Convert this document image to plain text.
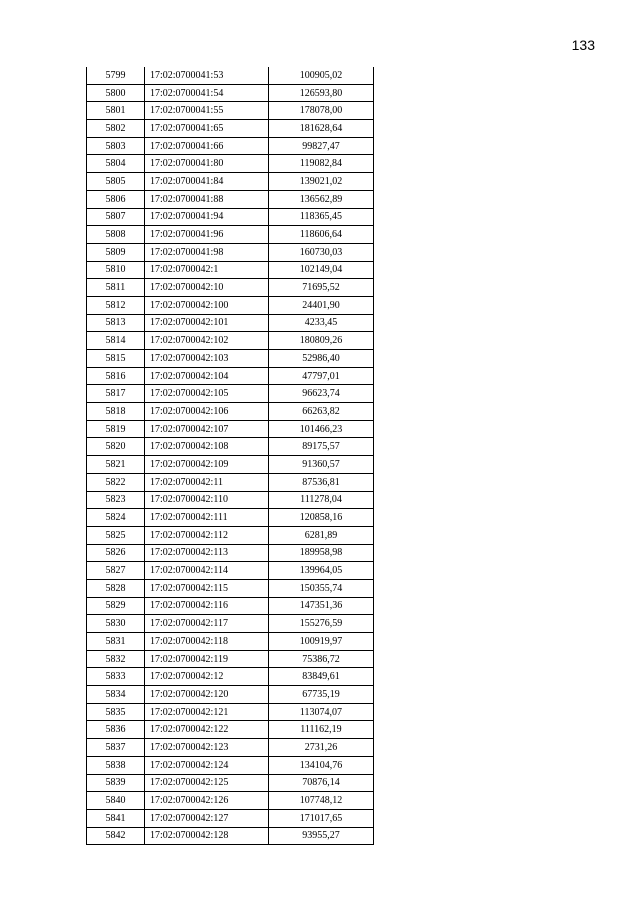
133
5799	17:02:0700041:53	100905,02
5800	17:02:0700041:54	126593,80
5801	17:02:0700041:55	178078,00
5802	17:02:0700041:65	181628,64
5803	17:02:0700041:66	99827,47
5804	17:02:0700041:80	119082,84
5805	17:02:0700041:84	139021,02
5806	17:02:0700041:88	136562,89
5807	17:02:0700041:94	118365,45
5808	17:02:0700041:96	118606,64
5809	17:02:0700041:98	160730,03
5810	17:02:0700042:1	102149,04
5811	17:02:0700042:10	71695,52
5812	17:02:0700042:100	24401,90
5813	17:02:0700042:101	4233,45
5814	17:02:0700042:102	180809,26
5815	17:02:0700042:103	52986,40
5816	17:02:0700042:104	47797,01
5817	17:02:0700042:105	96623,74
5818	17:02:0700042:106	66263,82
5819	17:02:0700042:107	101466,23
5820	17:02:0700042:108	89175,57
5821	17:02:0700042:109	91360,57
5822	17:02:0700042:11	87536,81
5823	17:02:0700042:110	111278,04
5824	17:02:0700042:111	120858,16
5825	17:02:0700042:112	6281,89
5826	17:02:0700042:113	189958,98
5827	17:02:0700042:114	139964,05
5828	17:02:0700042:115	150355,74
5829	17:02:0700042:116	147351,36
5830	17:02:0700042:117	155276,59
5831	17:02:0700042:118	100919,97
5832	17:02:0700042:119	75386,72
5833	17:02:0700042:12	83849,61
5834	17:02:0700042:120	67735,19
5835	17:02:0700042:121	113074,07
5836	17:02:0700042:122	111162,19
5837	17:02:0700042:123	2731,26
5838	17:02:0700042:124	134104,76
5839	17:02:0700042:125	70876,14
5840	17:02:0700042:126	107748,12
5841	17:02:0700042:127	171017,65
5842	17:02:0700042:128	93955,27
